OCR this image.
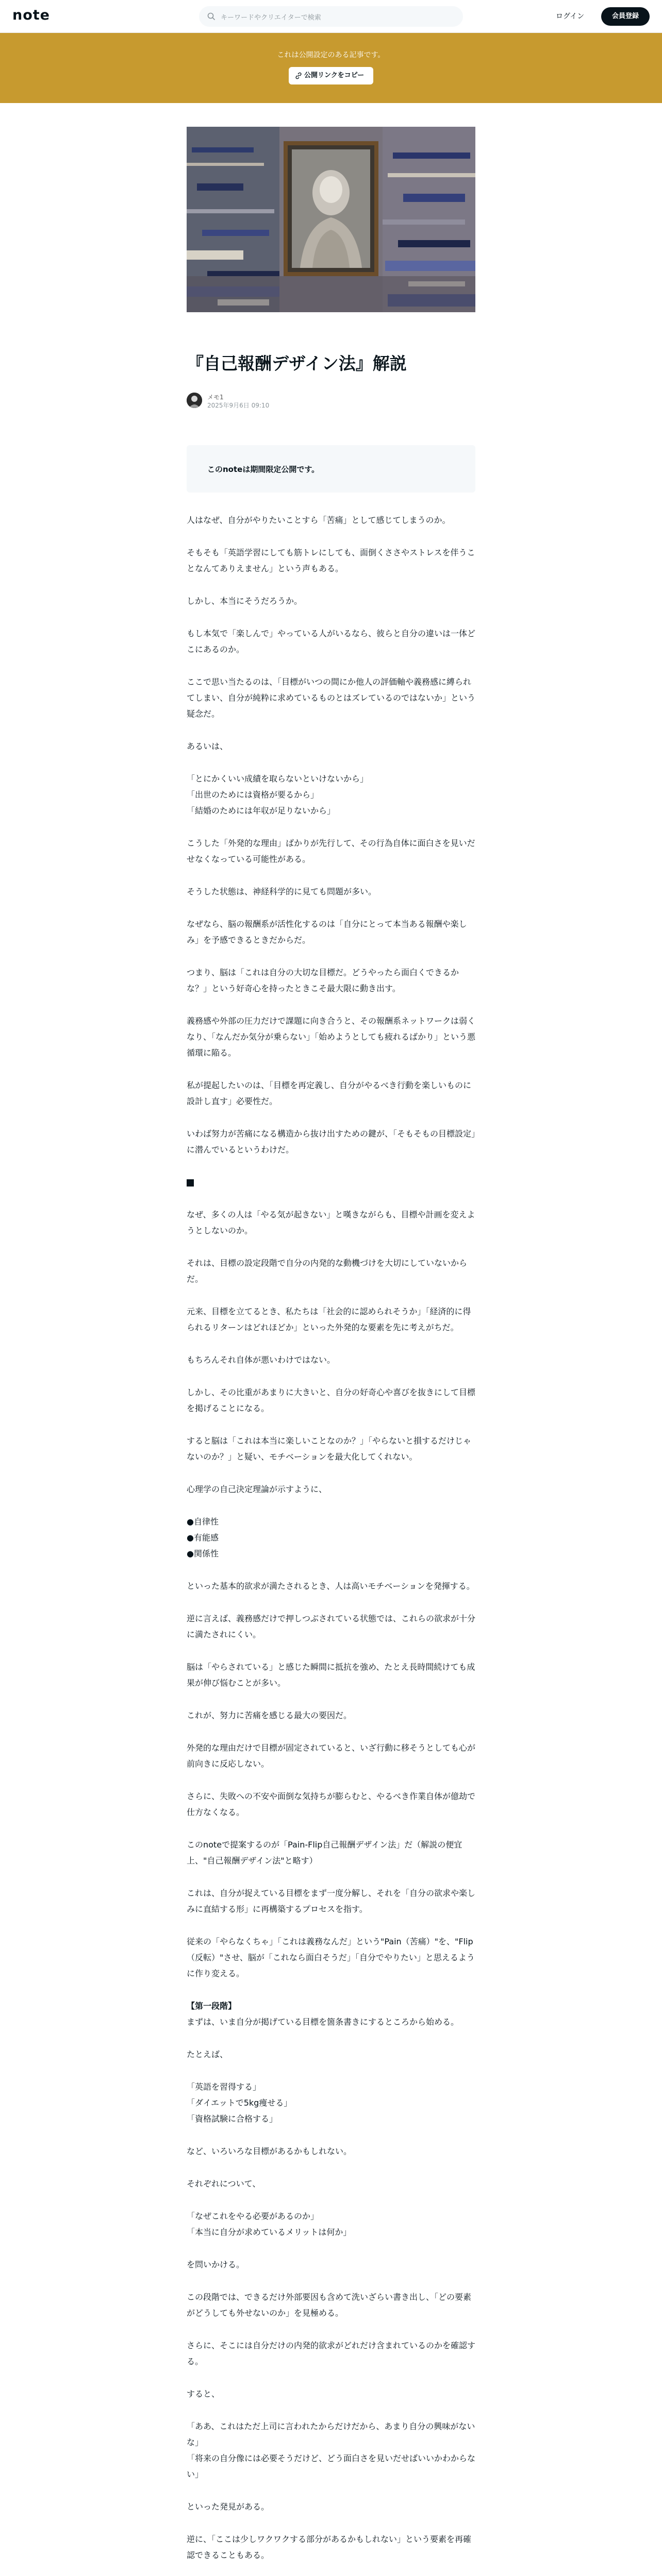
note	キーワードやクリエイターで検索	ログイン	会員登録
これは公開設定のある記事です。
公開リンクをコピー
『自己報酬デザイン法』解説
メモ1
2025年9月6日 09:10
このnoteは期間限定公開です。

人はなぜ、自分がやりたいことすら「苦痛」として感じてしまうのか。

そもそも「英語学習にしても筋トレにしても、面倒くささやストレスを伴うことなんてありえません」という声もある。

しかし、本当にそうだろうか。

もし本気で「楽しんで」やっている人がいるなら、彼らと自分の違いは一体どこにあるのか。

ここで思い当たるのは、「目標がいつの間にか他人の評価軸や義務感に縛られてしまい、自分が純粋に求めているものとはズレているのではないか」という疑念だ。

あるいは、

「とにかくいい成績を取らないといけないから」

「出世のためには資格が要るから」

「結婚のためには年収が足りないから」

こうした「外発的な理由」ばかりが先行して、その行為自体に面白さを見いだせなくなっている可能性がある。

そうした状態は、神経科学的に見ても問題が多い。

なぜなら、脳の報酬系が活性化するのは「自分にとって本当ある報酬や楽しみ」を予感できるときだからだ。

つまり、脳は「これは自分の大切な目標だ。どうやったら面白くできるかな？」という好奇心を持ったときこそ最大限に動き出す。

義務感や外部の圧力だけで課題に向き合うと、その報酬系ネットワークは弱くなり、「なんだか気分が乗らない」「始めようとしても疲れるばかり」という悪循環に陥る。

私が提起したいのは、「目標を再定義し、自分がやるべき行動を楽しいものに設計し直す」必要性だ。

いわば努力が苦痛になる構造から抜け出すための鍵が、「そもそもの目標設定」に潜んでいるというわけだ。

なぜ、多くの人は「やる気が起きない」と嘆きながらも、目標や計画を変えようとしないのか。

それは、目標の設定段階で自分の内発的な動機づけを大切にしていないからだ。

元来、目標を立てるとき、私たちは「社会的に認められそうか」「経済的に得られるリターンはどれほどか」といった外発的な要素を先に考えがちだ。

もちろんそれ自体が悪いわけではない。

しかし、その比重があまりに大きいと、自分の好奇心や喜びを抜きにして目標を掲げることになる。

すると脳は「これは本当に楽しいことなのか？」「やらないと損するだけじゃないのか？」と疑い、モチベーションを最大化してくれない。

心理学の自己決定理論が示すように、

●自律性

●有能感

●関係性

といった基本的欲求が満たされるとき、人は高いモチベーションを発揮する。

逆に言えば、義務感だけで押しつぶされている状態では、これらの欲求が十分に満たされにくい。

脳は「やらされている」と感じた瞬間に抵抗を強め、たとえ長時間続けても成果が伸び悩むことが多い。

これが、努力に苦痛を感じる最大の要因だ。

外発的な理由だけで目標が固定されていると、いざ行動に移そうとしても心が前向きに反応しない。

さらに、失敗への不安や面倒な気持ちが膨らむと、やるべき作業自体が億劫で仕方なくなる。

このnoteで提案するのが「Pain-Flip自己報酬デザイン法」だ（解説の便宜上、"自己報酬デザイン法"と略す）

これは、自分が捉えている目標をまず一度分解し、それを「自分の欲求や楽しみに直結する形」に再構築するプロセスを指す。

従来の「やらなくちゃ」「これは義務なんだ」という"Pain（苦痛）"を、"Flip（反転）"させ、脳が「これなら面白そうだ」「自分でやりたい」と思えるように作り変える。

【第一段階】

まずは、いま自分が掲げている目標を箇条書きにするところから始める。

たとえば、

「英語を習得する」

「ダイエットで5kg痩せる」

「資格試験に合格する」

など、いろいろな目標があるかもしれない。

それぞれについて、

「なぜこれをやる必要があるのか」

「本当に自分が求めているメリットは何か」

を問いかける。

この段階では、できるだけ外部要因も含めて洗いざらい書き出し、「どの要素がどうしても外せないのか」を見極める。

さらに、そこには自分だけの内発的欲求がどれだけ含まれているのかを確認する。

すると、

「ああ、これはただ上司に言われたからだけだから、あまり自分の興味がないな」

「将来の自分像には必要そうだけど、どう面白さを見いだせばいいかわからない」

といった発見がある。

逆に、「ここは少しワクワクする部分があるかもしれない」という要素を再確認できることもある。
